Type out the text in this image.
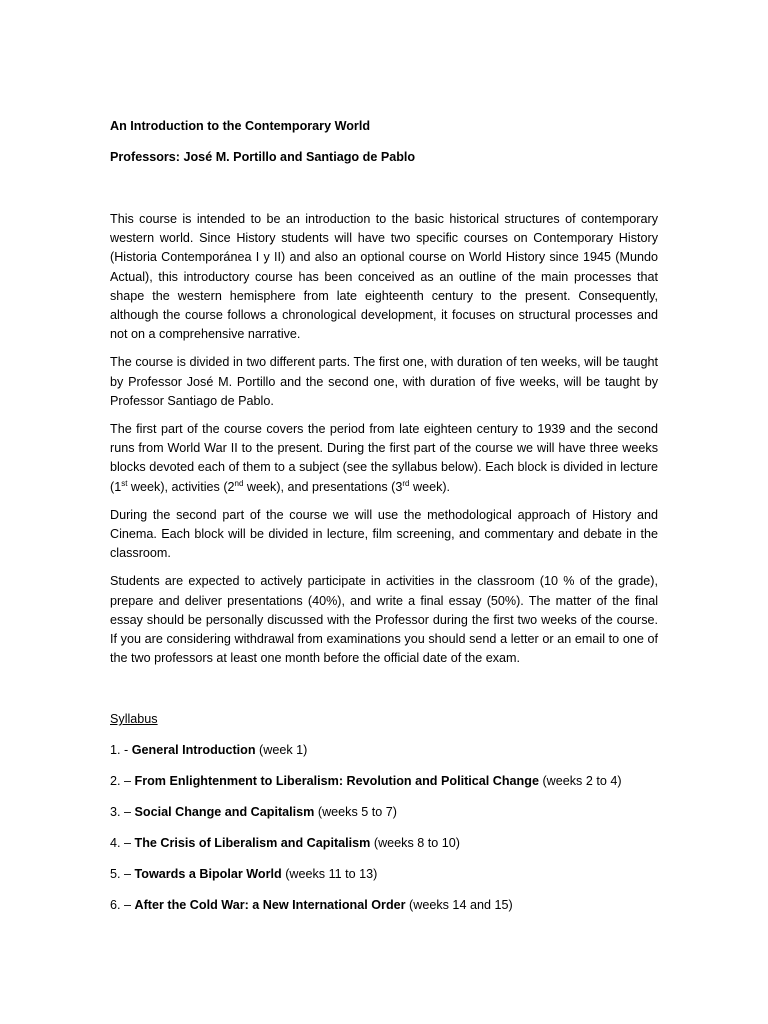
An Introduction to the Contemporary World

Professors: José M. Portillo and Santiago de Pablo

This course is intended to be an introduction to the basic historical structures of contemporary western world. Since History students will have two specific courses on Contemporary History (Historia Contemporánea I y II) and also an optional course on World History since 1945 (Mundo Actual), this introductory course has been conceived as an outline of the main processes that shape the western hemisphere from late eighteenth century to the present. Consequently, although the course follows a chronological development, it focuses on structural processes and not on a comprehensive narrative.

The course is divided in two different parts. The first one, with duration of ten weeks, will be taught by Professor José M. Portillo and the second one, with duration of five weeks, will be taught by Professor Santiago de Pablo.

The first part of the course covers the period from late eighteen century to 1939 and the second runs from World War II to the present. During the first part of the course we will have three weeks blocks devoted each of them to a subject (see the syllabus below). Each block is divided in lecture (1st week), activities (2nd week), and presentations (3rd week).

During the second part of the course we will use the methodological approach of History and Cinema. Each block will be divided in lecture, film screening, and commentary and debate in the classroom.

Students are expected to actively participate in activities in the classroom (10 % of the grade), prepare and deliver presentations (40%), and write a final essay (50%). The matter of the final essay should be personally discussed with the Professor during the first two weeks of the course. If you are considering withdrawal from examinations you should send a letter or an email to one of the two professors at least one month before the official date of the exam.

Syllabus

1. - General Introduction (week 1)
2. – From Enlightenment to Liberalism: Revolution and Political Change (weeks 2 to 4)
3. – Social Change and Capitalism (weeks 5 to 7)
4. – The Crisis of Liberalism and Capitalism (weeks 8 to 10)
5. – Towards a Bipolar World (weeks 11 to 13)
6. – After the Cold War: a New International Order (weeks 14 and 15)
